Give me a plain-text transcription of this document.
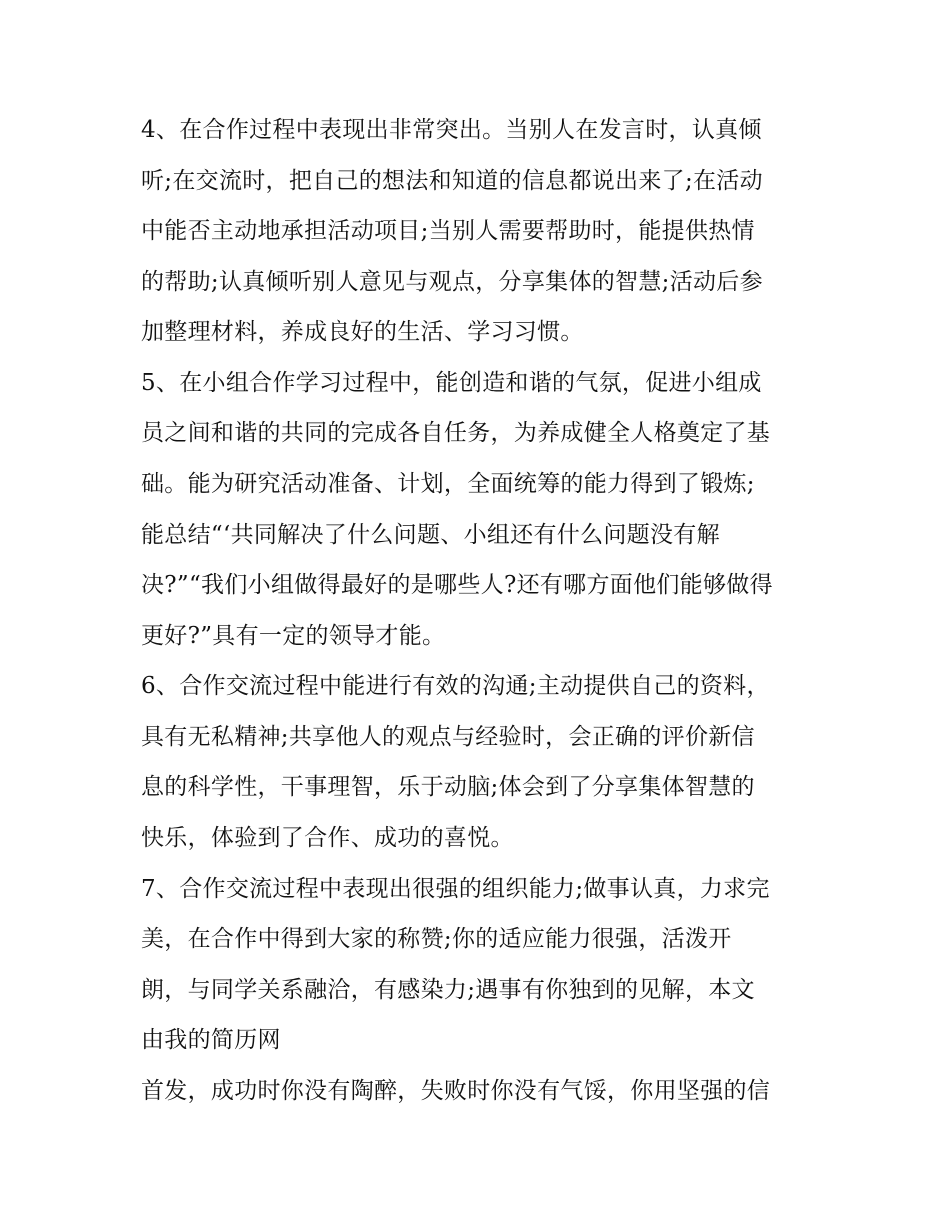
4、在合作过程中表现出非常突出。当别人在发言时，认真倾
听;在交流时，把自己的想法和知道的信息都说出来了;在活动
中能否主动地承担活动项目;当别人需要帮助时，能提供热情
的帮助;认真倾听别人意见与观点，分享集体的智慧;活动后参
加整理材料，养成良好的生活、学习习惯。
5、在小组合作学习过程中，能创造和谐的气氛，促进小组成
员之间和谐的共同的完成各自任务，为养成健全人格奠定了基
础。能为研究活动准备、计划，全面统筹的能力得到了锻炼;
能总结“‘共同解决了什么问题、小组还有什么问题没有解
决?”“我们小组做得最好的是哪些人?还有哪方面他们能够做得
更好?”具有一定的领导才能。
6、合作交流过程中能进行有效的沟通;主动提供自己的资料，
具有无私精神;共享他人的观点与经验时，会正确的评价新信
息的科学性，干事理智，乐于动脑;体会到了分享集体智慧的
快乐，体验到了合作、成功的喜悦。
7、合作交流过程中表现出很强的组织能力;做事认真，力求完
美，在合作中得到大家的称赞;你的适应能力很强，活泼开
朗，与同学关系融洽，有感染力;遇事有你独到的见解，本文
由我的简历网
首发，成功时你没有陶醉，失败时你没有气馁，你用坚强的信
